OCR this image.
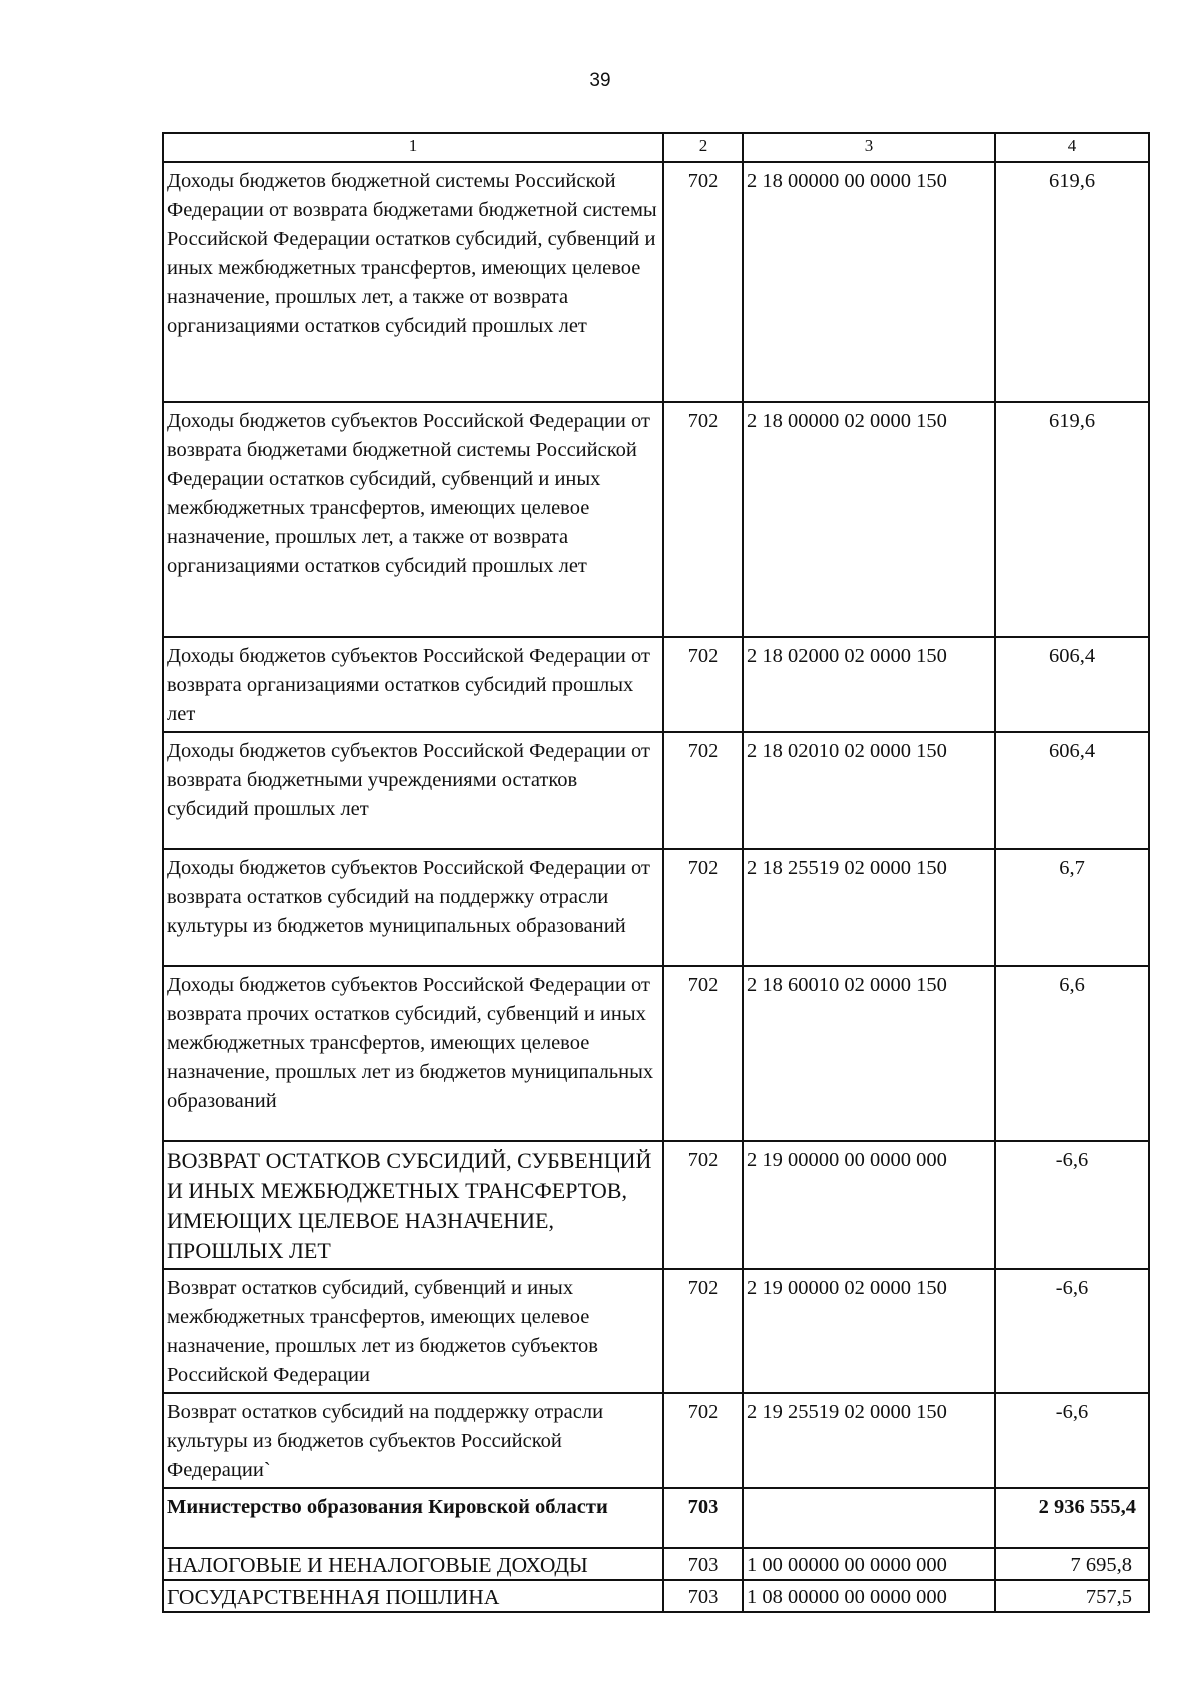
39
1	2	3	4
Доходы бюджетов бюджетной системы Российской Федерации от возврата бюджетами бюджетной системы Российской Федерации остатков субсидий, субвенций и иных межбюджетных трансфертов, имеющих целевое назначение, прошлых лет, а также от возврата организациями остатков субсидий прошлых лет	702	2 18 00000 00 0000 150	619,6
Доходы бюджетов субъектов Российской Федерации от возврата бюджетами бюджетной системы Российской Федерации остатков субсидий, субвенций и иных межбюджетных трансфертов, имеющих целевое назначение, прошлых лет, а также от возврата организациями остатков субсидий прошлых лет	702	2 18 00000 02 0000 150	619,6
Доходы бюджетов субъектов Российской Федерации от возврата организациями остатков субсидий прошлых лет	702	2 18 02000 02 0000 150	606,4
Доходы бюджетов субъектов Российской Федерации от возврата бюджетными учреждениями остатков субсидий прошлых лет	702	2 18 02010 02 0000 150	606,4
Доходы бюджетов субъектов Российской Федерации от возврата остатков субсидий на поддержку отрасли культуры из бюджетов муниципальных образований	702	2 18 25519 02 0000 150	6,7
Доходы бюджетов субъектов Российской Федерации от возврата прочих остатков субсидий, субвенций и иных межбюджетных трансфертов, имеющих целевое назначение, прошлых лет из бюджетов муниципальных образований	702	2 18 60010 02 0000 150	6,6
ВОЗВРАТ ОСТАТКОВ СУБСИДИЙ, СУБВЕНЦИЙ И ИНЫХ МЕЖБЮДЖЕТНЫХ ТРАНСФЕРТОВ, ИМЕЮЩИХ ЦЕЛЕВОЕ НАЗНАЧЕНИЕ, ПРОШЛЫХ ЛЕТ	702	2 19 00000 00 0000 000	-6,6
Возврат остатков субсидий, субвенций и иных межбюджетных трансфертов, имеющих целевое назначение, прошлых лет из бюджетов субъектов Российской Федерации	702	2 19 00000 02 0000 150	-6,6
Возврат остатков субсидий на поддержку отрасли культуры из бюджетов субъектов Российской Федерации`	702	2 19 25519 02 0000 150	-6,6
Министерство образования Кировской области	703		2 936 555,4
НАЛОГОВЫЕ И НЕНАЛОГОВЫЕ ДОХОДЫ	703	1 00 00000 00 0000 000	7 695,8
ГОСУДАРСТВЕННАЯ ПОШЛИНА	703	1 08 00000 00 0000 000	757,5
